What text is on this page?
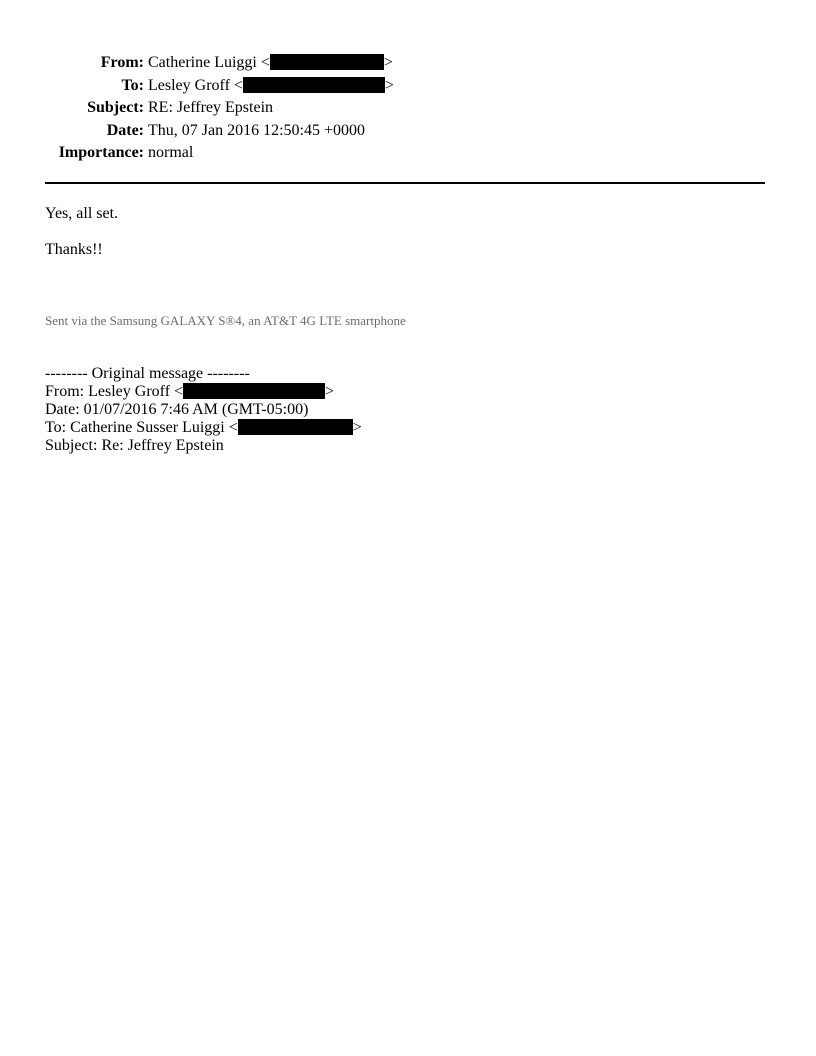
From: Catherine Luiggi <	>
To: Lesley Groff <	>
Subject: RE: Jeffrey Epstein
Date: Thu, 07 Jan 2016 12:50:45 +0000
Importance: normal
Yes, all set.
Thanks!!
Sent via the Samsung GALAXY S®4, an AT&T 4G LTE smartphone
-------- Original message --------
From: Lesley Groff <	>
Date: 01/07/2016 7:46 AM (GMT-05:00)
To: Catherine Susser Luiggi <	>
Subject: Re: Jeffrey Epstein
